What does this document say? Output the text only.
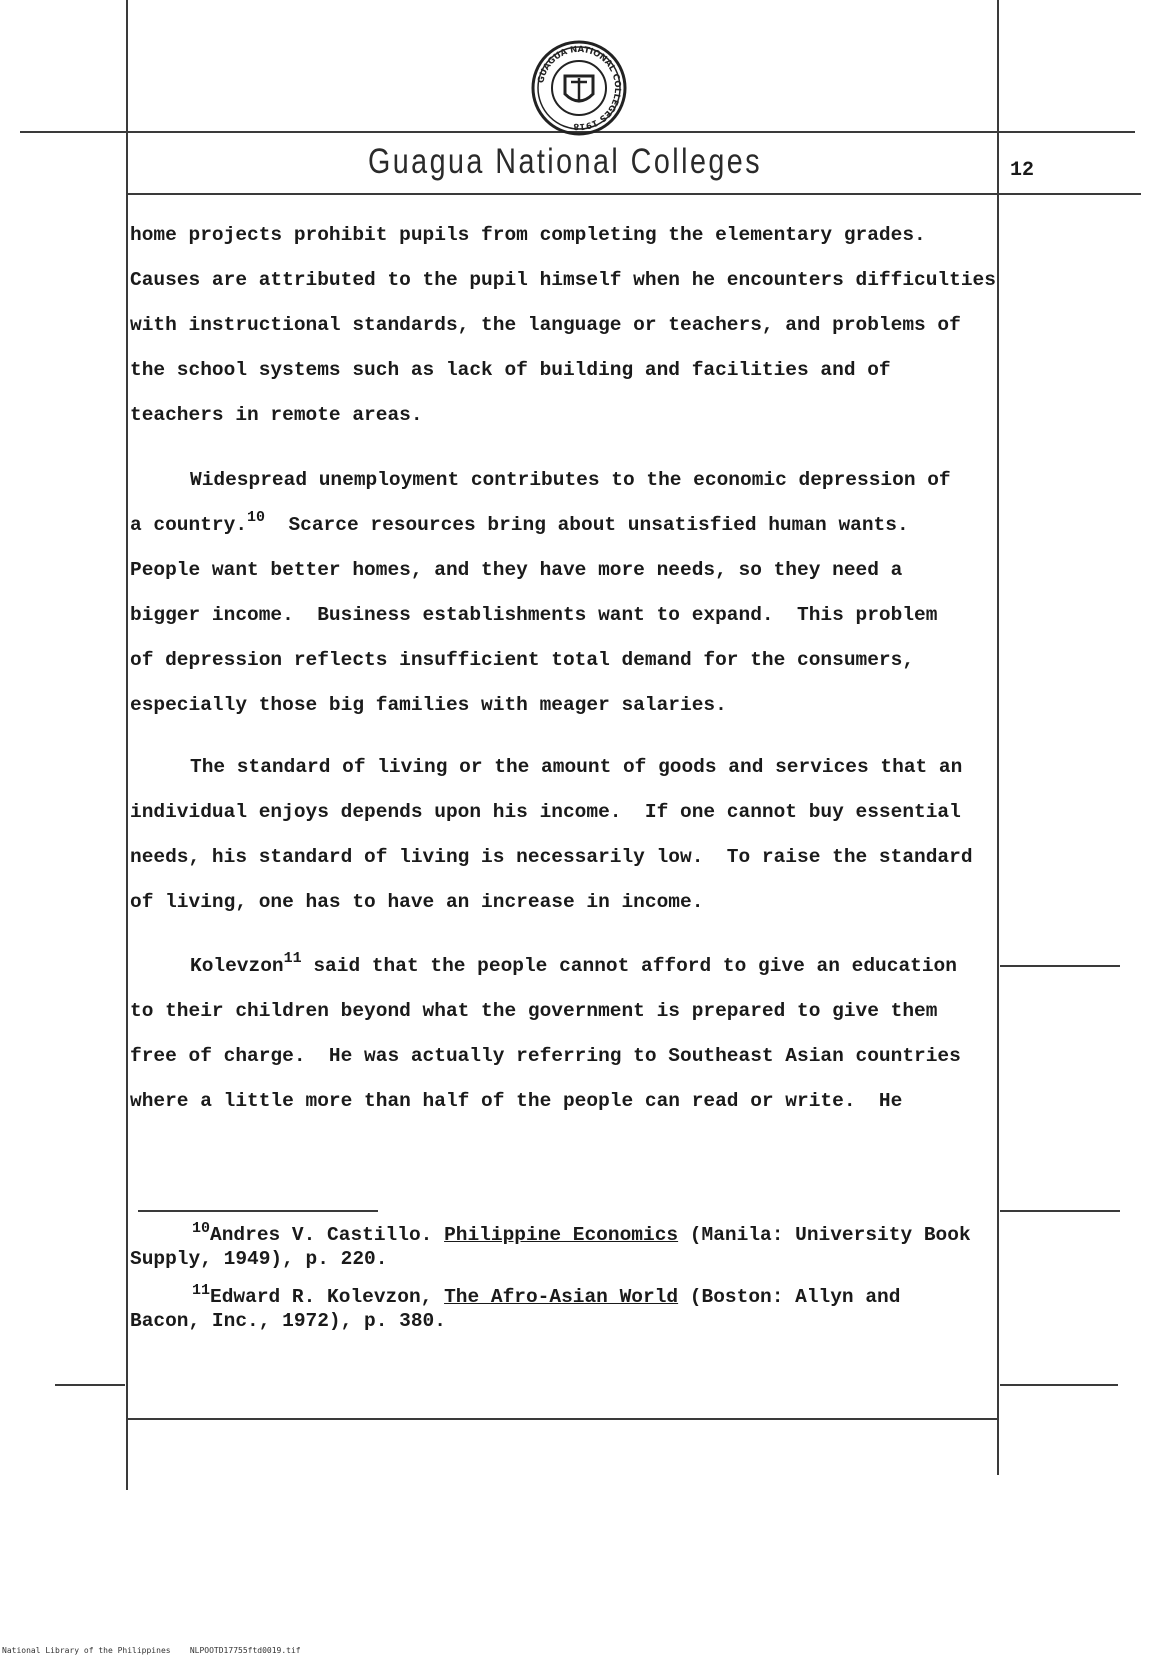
GUAGUA NATIONAL COLLEGES 1918
Guagua National Colleges	12

home projects prohibit pupils from completing the elementary grades.
Causes are attributed to the pupil himself when he encounters difficulties
with instructional standards, the language or teachers, and problems of
the school systems such as lack of building and facilities and of
teachers in remote areas.

Widespread unemployment contributes to the economic depression of
a country.$^{10}$  Scarce resources bring about unsatisfied human wants.
People want better homes, and they have more needs, so they need a
bigger income.  Business establishments want to expand.  This problem
of depression reflects insufficient total demand for the consumers,
especially those big families with meager salaries.

The standard of living or the amount of goods and services that an
individual enjoys depends upon his income.  If one cannot buy essential
needs, his standard of living is necessarily low.  To raise the standard
of living, one has to have an increase in income.

Kolevzon$^{11}$ said that the people cannot afford to give an education
to their children beyond what the government is prepared to give them
free of charge.  He was actually referring to Southeast Asian countries
where a little more than half of the people can read or write.  He

$^{10}$Andres V. Castillo. Philippine Economics (Manila: University Book
Supply, 1949), p. 220.
$^{11}$Edward R. Kolevzon, The Afro-Asian World (Boston: Allyn and
Bacon, Inc., 1972), p. 380.
National Library of the Philippines NLPOOTD17755ftd0019.tif
